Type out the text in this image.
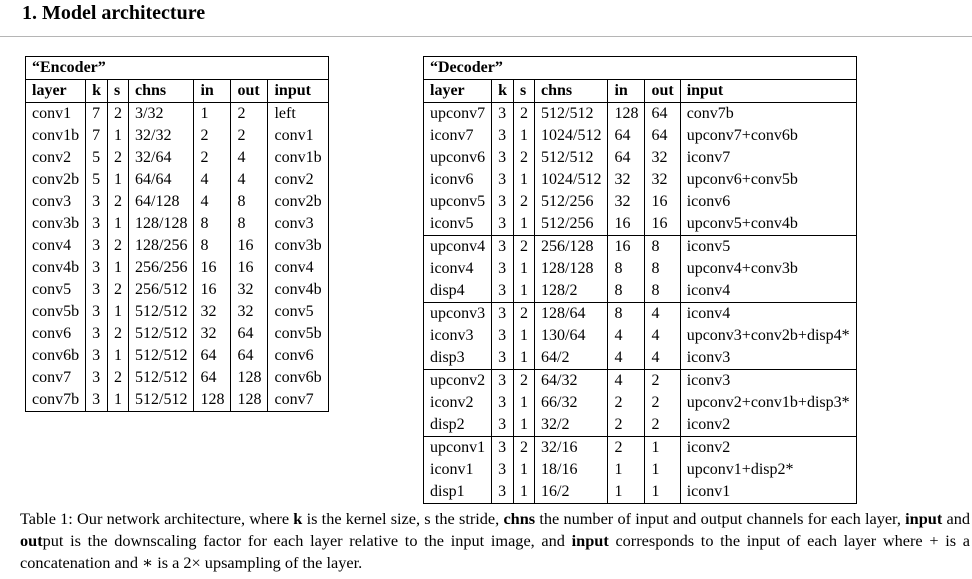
1. Model architecture
“Encoder”						
layer	k	s	chns	in	out	input
conv1	7	2	3/32	1	2	left
conv1b	7	1	32/32	2	2	conv1
conv2	5	2	32/64	2	4	conv1b
conv2b	5	1	64/64	4	4	conv2
conv3	3	2	64/128	4	8	conv2b
conv3b	3	1	128/128	8	8	conv3
conv4	3	2	128/256	8	16	conv3b
conv4b	3	1	256/256	16	16	conv4
conv5	3	2	256/512	16	32	conv4b
conv5b	3	1	512/512	32	32	conv5
conv6	3	2	512/512	32	64	conv5b
conv6b	3	1	512/512	64	64	conv6
conv7	3	2	512/512	64	128	conv6b
conv7b	3	1	512/512	128	128	conv7
“Decoder”						
layer	k	s	chns	in	out	input
upconv7	3	2	512/512	128	64	conv7b
iconv7	3	1	1024/512	64	64	upconv7+conv6b
upconv6	3	2	512/512	64	32	iconv7
iconv6	3	1	1024/512	32	32	upconv6+conv5b
upconv5	3	2	512/256	32	16	iconv6
iconv5	3	1	512/256	16	16	upconv5+conv4b
upconv4	3	2	256/128	16	8	iconv5
iconv4	3	1	128/128	8	8	upconv4+conv3b
disp4	3	1	128/2	8	8	iconv4
upconv3	3	2	128/64	8	4	iconv4
iconv3	3	1	130/64	4	4	upconv3+conv2b+disp4*
disp3	3	1	64/2	4	4	iconv3
upconv2	3	2	64/32	4	2	iconv3
iconv2	3	1	66/32	2	2	upconv2+conv1b+disp3*
disp2	3	1	32/2	2	2	iconv2
upconv1	3	2	32/16	2	1	iconv2
iconv1	3	1	18/16	1	1	upconv1+disp2*
disp1	3	1	16/2	1	1	iconv1
Table 1: Our network architecture, where k is the kernel size, s the stride, chns the number of input and output channels for each layer, input and output is the downscaling factor for each layer relative to the input image, and input corresponds to the input of each layer where + is a concatenation and ∗ is a 2× upsampling of the layer.
